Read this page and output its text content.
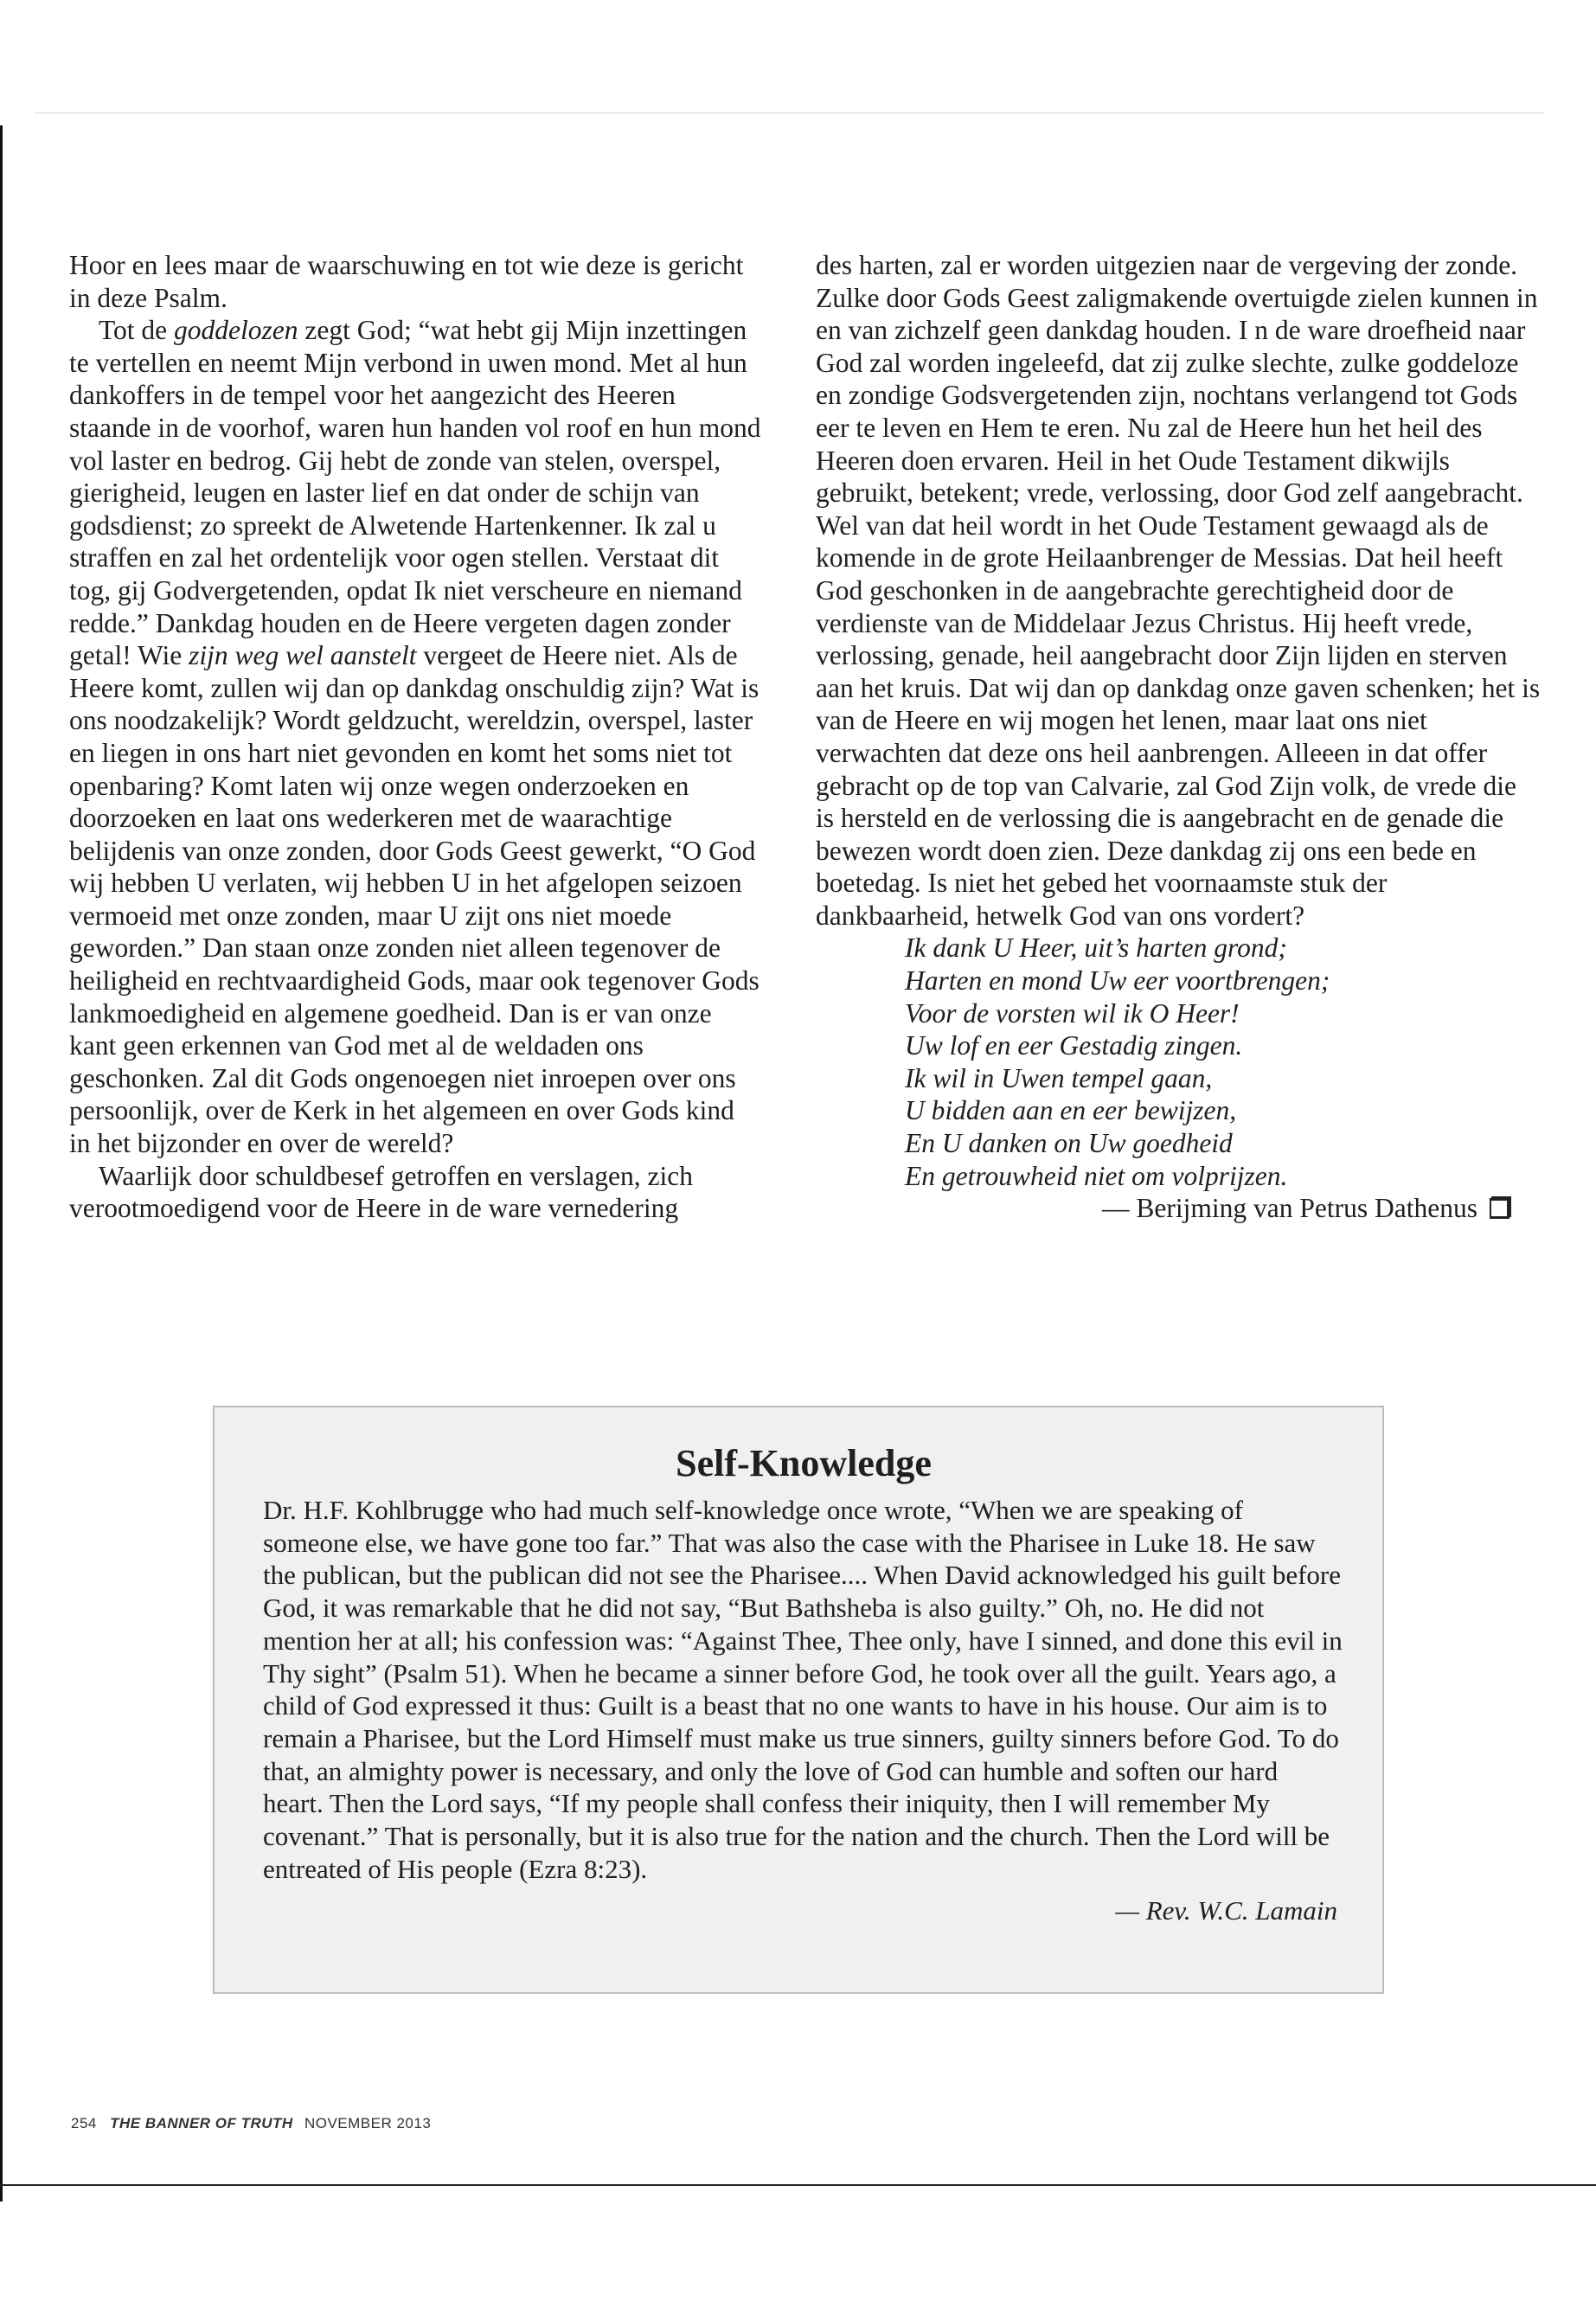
Hoor en lees maar de waarschuwing en tot wie deze is gericht in deze Psalm.

Tot de goddelozen zegt God; “wat hebt gij Mijn inzettingen te vertellen en neemt Mijn verbond in uwen mond. Met al hun dankoffers in de tempel voor het aangezicht des Heeren staande in de voorhof, waren hun handen vol roof en hun mond vol laster en bedrog. Gij hebt de zonde van stelen, overspel, gierigheid, leugen en laster lief en dat onder de schijn van godsdienst; zo spreekt de Alwetende Hartenkenner. Ik zal u straffen en zal het ordentelijk voor ogen stellen. Verstaat dit tog, gij Godvergetenden, opdat Ik niet verscheure en niemand redde.” Dankdag houden en de Heere vergeten dagen zonder getal! Wie zijn weg wel aanstelt vergeet de Heere niet. Als de Heere komt, zullen wij dan op dankdag onschuldig zijn? Wat is ons noodzakelijk? Wordt geldzucht, wereldzin, overspel, laster en liegen in ons hart niet gevonden en komt het soms niet tot openbaring? Komt laten wij onze wegen onderzoeken en doorzoeken en laat ons wederkeren met de waarachtige belijdenis van onze zonden, door Gods Geest gewerkt, “O God wij hebben U verlaten, wij hebben U in het afgelopen seizoen vermoeid met onze zonden, maar U zijt ons niet moede geworden.” Dan staan onze zonden niet alleen tegenover de heiligheid en rechtvaardigheid Gods, maar ook tegenover Gods lankmoedigheid en algemene goedheid. Dan is er van onze kant geen erkennen van God met al de weldaden ons geschonken. Zal dit Gods ongenoegen niet inroepen over ons persoonlijk, over de Kerk in het algemeen en over Gods kind in het bijzonder en over de wereld?

Waarlijk door schuldbesef getroffen en verslagen, zich verootmoedigend voor de Heere in de ware vernedering

des harten, zal er worden uitgezien naar de vergeving der zonde. Zulke door Gods Geest zaligmakende overtuigde zielen kunnen in en van zichzelf geen dankdag houden. I n de ware droefheid naar God zal worden ingeleefd, dat zij zulke slechte, zulke goddeloze en zondige Godsvergetenden zijn, nochtans verlangend tot Gods eer te leven en Hem te eren. Nu zal de Heere hun het heil des Heeren doen ervaren. Heil in het Oude Testament dikwijls gebruikt, betekent; vrede, verlossing, door God zelf aangebracht. Wel van dat heil wordt in het Oude Testament gewaagd als de komende in de grote Heilaanbrenger de Messias. Dat heil heeft God geschonken in de aangebrachte gerechtigheid door de verdienste van de Middelaar Jezus Christus. Hij heeft vrede, verlossing, genade, heil aangebracht door Zijn lijden en sterven aan het kruis. Dat wij dan op dankdag onze gaven schenken; het is van de Heere en wij mogen het lenen, maar laat ons niet verwachten dat deze ons heil aanbrengen. Alleeen in dat offer gebracht op de top van Calvarie, zal God Zijn volk, de vrede die is hersteld en de verlossing die is aangebracht en de genade die bewezen wordt doen zien. Deze dankdag zij ons een bede en boetedag. Is niet het gebed het voornaamste stuk der dankbaarheid, hetwelk God van ons vordert?

Ik dank U Heer, uit’s harten grond;
Harten en mond Uw eer voortbrengen;
Voor de vorsten wil ik O Heer!
Uw lof en eer Gestadig zingen.
Ik wil in Uwen tempel gaan,
U bidden aan en eer bewijzen,
En U danken on Uw goedheid
En getrouwheid niet om volprijzen.
— Berijming van Petrus Dathenus
Self-Knowledge

Dr. H.F. Kohlbrugge who had much self-knowledge once wrote, “When we are speaking of someone else, we have gone too far.” That was also the case with the Pharisee in Luke 18. He saw the publican, but the publican did not see the Pharisee.... When David acknowledged his guilt before God, it was remarkable that he did not say, “But Bathsheba is also guilty.” Oh, no. He did not mention her at all; his confession was: “Against Thee, Thee only, have I sinned, and done this evil in Thy sight” (Psalm 51). When he became a sinner before God, he took over all the guilt. Years ago, a child of God expressed it thus: Guilt is a beast that no one wants to have in his house. Our aim is to remain a Pharisee, but the Lord Himself must make us true sinners, guilty sinners before God. To do that, an almighty power is necessary, and only the love of God can humble and soften our hard heart. Then the Lord says, “If my people shall confess their iniquity, then I will remember My covenant.” That is personally, but it is also true for the nation and the church. Then the Lord will be entreated of His people (Ezra 8:23).

— Rev. W.C. Lamain
254 THE BANNER OF TRUTH NOVEMBER 2013
